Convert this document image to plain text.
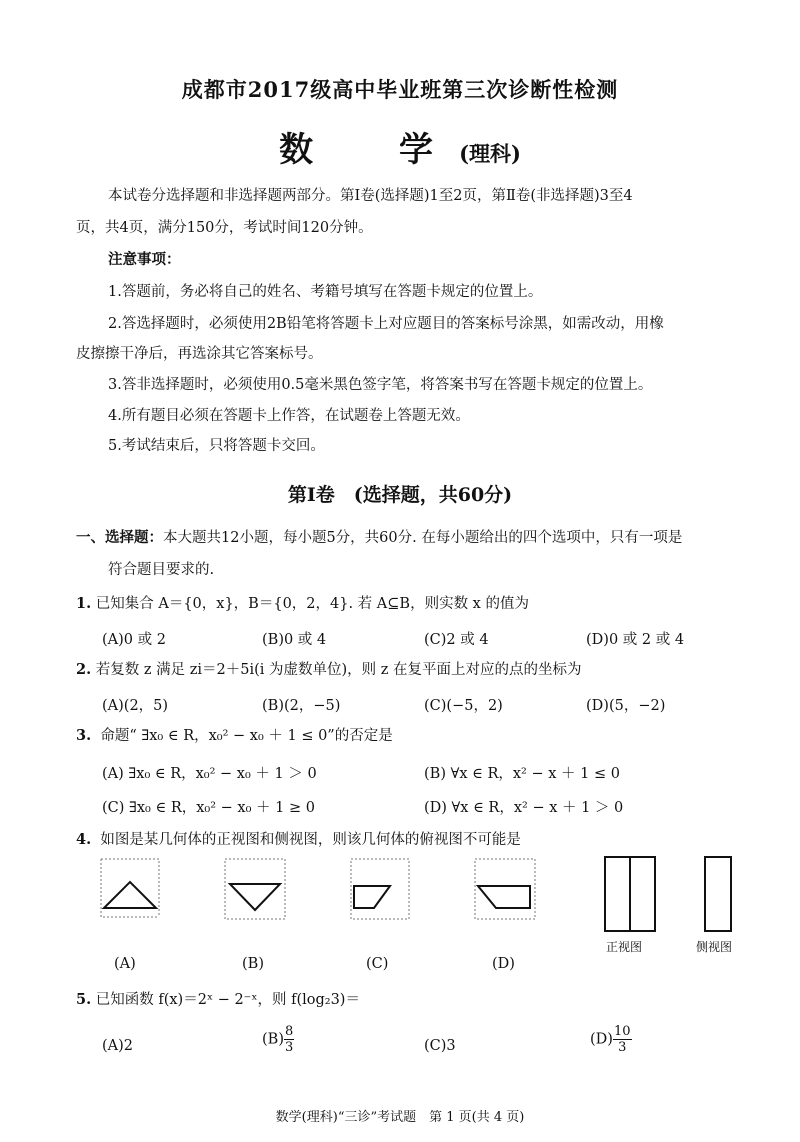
成都市2017级高中毕业班第三次诊断性检测
数　学(理科)
本试卷分选择题和非选择题两部分。第Ⅰ卷(选择题)1至2页，第Ⅱ卷(非选择题)3至4
页，共4页，满分150分，考试时间120分钟。
注意事项：
1.答题前，务必将自己的姓名、考籍号填写在答题卡规定的位置上。
2.答选择题时，必须使用2B铅笔将答题卡上对应题目的答案标号涂黑，如需改动，用橡
皮擦擦干净后，再选涂其它答案标号。
3.答非选择题时，必须使用0.5毫米黑色签字笔，将答案书写在答题卡规定的位置上。
4.所有题目必须在答题卡上作答，在试题卷上答题无效。
5.考试结束后，只将答题卡交回。
第Ⅰ卷　(选择题，共60分)
一、选择题：本大题共12小题，每小题5分，共60分. 在每小题给出的四个选项中，只有一项是
符合题目要求的.
1. 已知集合 A＝{0，x}，B＝{0，2，4}. 若 A⊆B，则实数 x 的值为
(A)0 或 2	(B)0 或 4	(C)2 或 4	(D)0 或 2 或 4
2. 若复数 z 满足 zi＝2＋5i(i 为虚数单位)，则 z 在复平面上对应的点的坐标为
(A)(2，5)	(B)(2，−5)	(C)(−5，2)	(D)(5，−2)
3. 命题“ ∃x₀ ∈ R，x₀² − x₀ ＋ 1 ≤ 0”的否定是
(A) ∃x₀ ∈ R，x₀² − x₀ ＋ 1 ＞ 0	(B) ∀x ∈ R，x² − x ＋ 1 ≤ 0
(C) ∃x₀ ∈ R，x₀² − x₀ ＋ 1 ≥ 0	(D) ∀x ∈ R，x² − x ＋ 1 ＞ 0
4. 如图是某几何体的正视图和侧视图，则该几何体的俯视图不可能是
正视图	侧视图
(A)	(B)	(C)	(D)
5. 已知函数 f(x)＝2ˣ − 2⁻ˣ，则 f(log₂3)＝
(A)2	$(B) \frac{8}{3}$	(C)3	$(D) \frac{10}{3}$
数学(理科)“三诊”考试题　第 1 页(共 4 页)
